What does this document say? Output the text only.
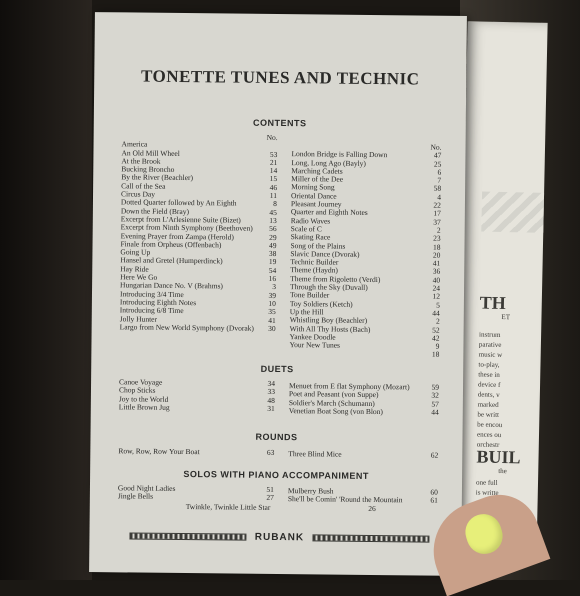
TH
ET
instrum
parative
music w
to-play,
these in
device f
dents, v
marked
be writt
be encou
ences ou
orchestr
BUIL
the
one full
is writte
TONETTE TUNES AND TECHNIC
CONTENTS
No.
America
An Old Mill Wheel	53
At the Brook	21
Bucking Broncho	14
By the River (Beachler)	15
Call of the Sea	46
Circus Day	11
Dotted Quarter followed by An Eighth	8
Down the Field (Bray)	45
Excerpt from L'Arlesienne Suite (Bizet)	13
Excerpt from Ninth Symphony (Beethoven)	56
Evening Prayer from Zampa (Herold)	29
Finale from Orpheus (Offenbach)	49
Going Up	38
Hansel and Gretel (Humperdinck)	19
Hay Ride	54
Here We Go	16
Hungarian Dance No. V (Brahms)	3
Introducing 3/4 Time	39
Introducing Eighth Notes	10
Introducing 6/8 Time	35
Jolly Hunter	41
Largo from New World Symphony (Dvorak)	30
No.
London Bridge is Falling Down	47
Long, Long Ago (Bayly)	25
Marching Cadets	6
Miller of the Dee	7
Morning Song	58
Oriental Dance	4
Pleasant Journey	22
Quarter and Eighth Notes	17
Radio Waves	37
Scale of C	2
Skating Race	23
Song of the Plains	18
Slavic Dance (Dvorak)	20
Technic Builder	41
Theme (Haydn)	36
Theme from Rigoletto (Verdi)	40
Through the Sky (Duvall)	24
Tone Builder	12
Toy Soldiers (Ketch)	5
Up the Hill	44
Whistling Boy (Beachler)	2
With All Thy Hosts (Bach)	52
Yankee Doodle	42
Your New Tunes	9
18
DUETS
Canoe Voyage	34
Chop Sticks	33
Joy to the World	48
Little Brown Jug	31
Menuet from E flat Symphony (Mozart)	59
Poet and Peasant (von Suppe)	32
Soldier's March (Schumann)	57
Venetian Boat Song (von Blon)	44
ROUNDS
Row, Row, Row Your Boat	63 Three Blind Mice	62
SOLOS WITH PIANO ACCOMPANIMENT
Good Night Ladies	51
Jingle Bells	27
Mulberry Bush	60
She'll be Comin' 'Round the Mountain	61
Twinkle, Twinkle Little Star	26
RUBANK
